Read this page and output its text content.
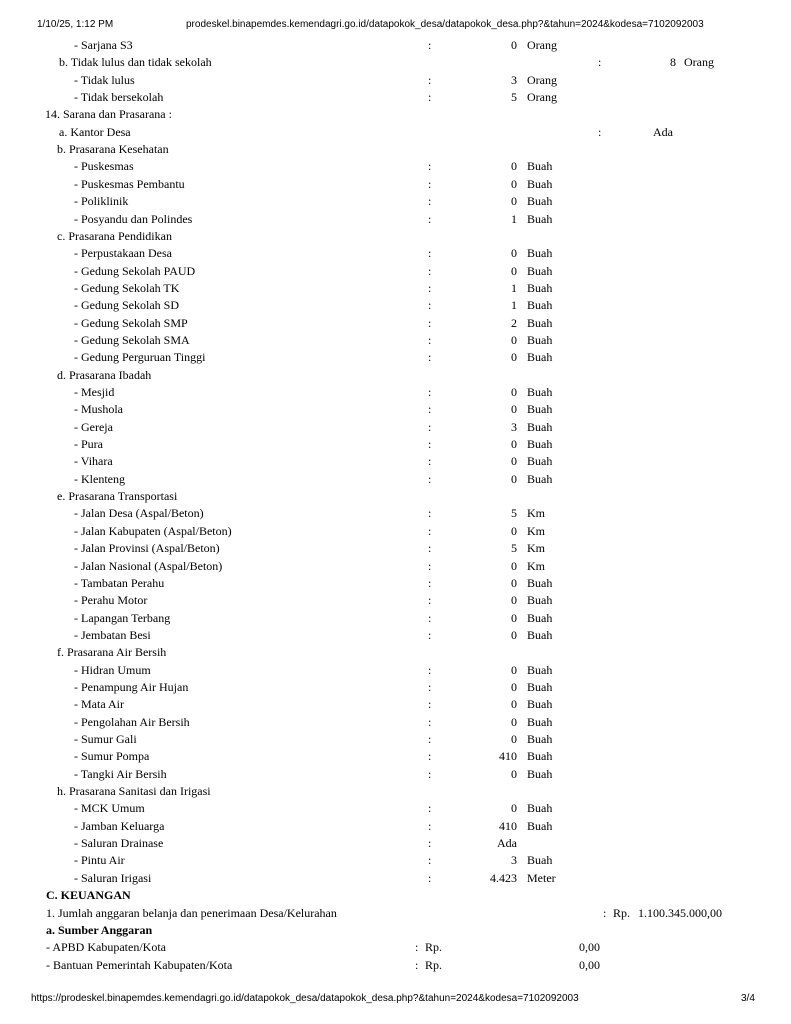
1/10/25, 1:12 PM	prodeskel.binapemdes.kemendagri.go.id/datapokok_desa/datapokok_desa.php?&tahun=2024&kodesa=7102092003
- Sarjana S3	:	0 Orang
b. Tidak lulus dan tidak sekolah	:	8 Orang
- Tidak lulus	:	3 Orang
- Tidak bersekolah	:	5 Orang
14. Sarana dan Prasarana :
a. Kantor Desa	:	Ada
b. Prasarana Kesehatan
- Puskesmas	:	0 Buah
- Puskesmas Pembantu	:	0 Buah
- Poliklinik	:	0 Buah
- Posyandu dan Polindes	:	1 Buah
c. Prasarana Pendidikan
- Perpustakaan Desa	:	0 Buah
- Gedung Sekolah PAUD	:	0 Buah
- Gedung Sekolah TK	:	1 Buah
- Gedung Sekolah SD	:	1 Buah
- Gedung Sekolah SMP	:	2 Buah
- Gedung Sekolah SMA	:	0 Buah
- Gedung Perguruan Tinggi	:	0 Buah
d. Prasarana Ibadah
- Mesjid	:	0 Buah
- Mushola	:	0 Buah
- Gereja	:	3 Buah
- Pura	:	0 Buah
- Vihara	:	0 Buah
- Klenteng	:	0 Buah
e. Prasarana Transportasi
- Jalan Desa (Aspal/Beton)	:	5 Km
- Jalan Kabupaten (Aspal/Beton)	:	0 Km
- Jalan Provinsi (Aspal/Beton)	:	5 Km
- Jalan Nasional (Aspal/Beton)	:	0 Km
- Tambatan Perahu	:	0 Buah
- Perahu Motor	:	0 Buah
- Lapangan Terbang	:	0 Buah
- Jembatan Besi	:	0 Buah
f. Prasarana Air Bersih
- Hidran Umum	:	0 Buah
- Penampung Air Hujan	:	0 Buah
- Mata Air	:	0 Buah
- Pengolahan Air Bersih	:	0 Buah
- Sumur Gali	:	0 Buah
- Sumur Pompa	:	410 Buah
- Tangki Air Bersih	:	0 Buah
h. Prasarana Sanitasi dan Irigasi
- MCK Umum	:	0 Buah
- Jamban Keluarga	:	410 Buah
- Saluran Drainase	:	Ada
- Pintu Air	:	3 Buah
- Saluran Irigasi	:	4.423 Meter
C. KEUANGAN
1. Jumlah anggaran belanja dan penerimaan Desa/Kelurahan	: Rp. 1.100.345.000,00
a. Sumber Anggaran
- APBD Kabupaten/Kota	: Rp.	0,00
- Bantuan Pemerintah Kabupaten/Kota	: Rp.	0,00
https://prodeskel.binapemdes.kemendagri.go.id/datapokok_desa/datapokok_desa.php?&tahun=2024&kodesa=7102092003	3/4
